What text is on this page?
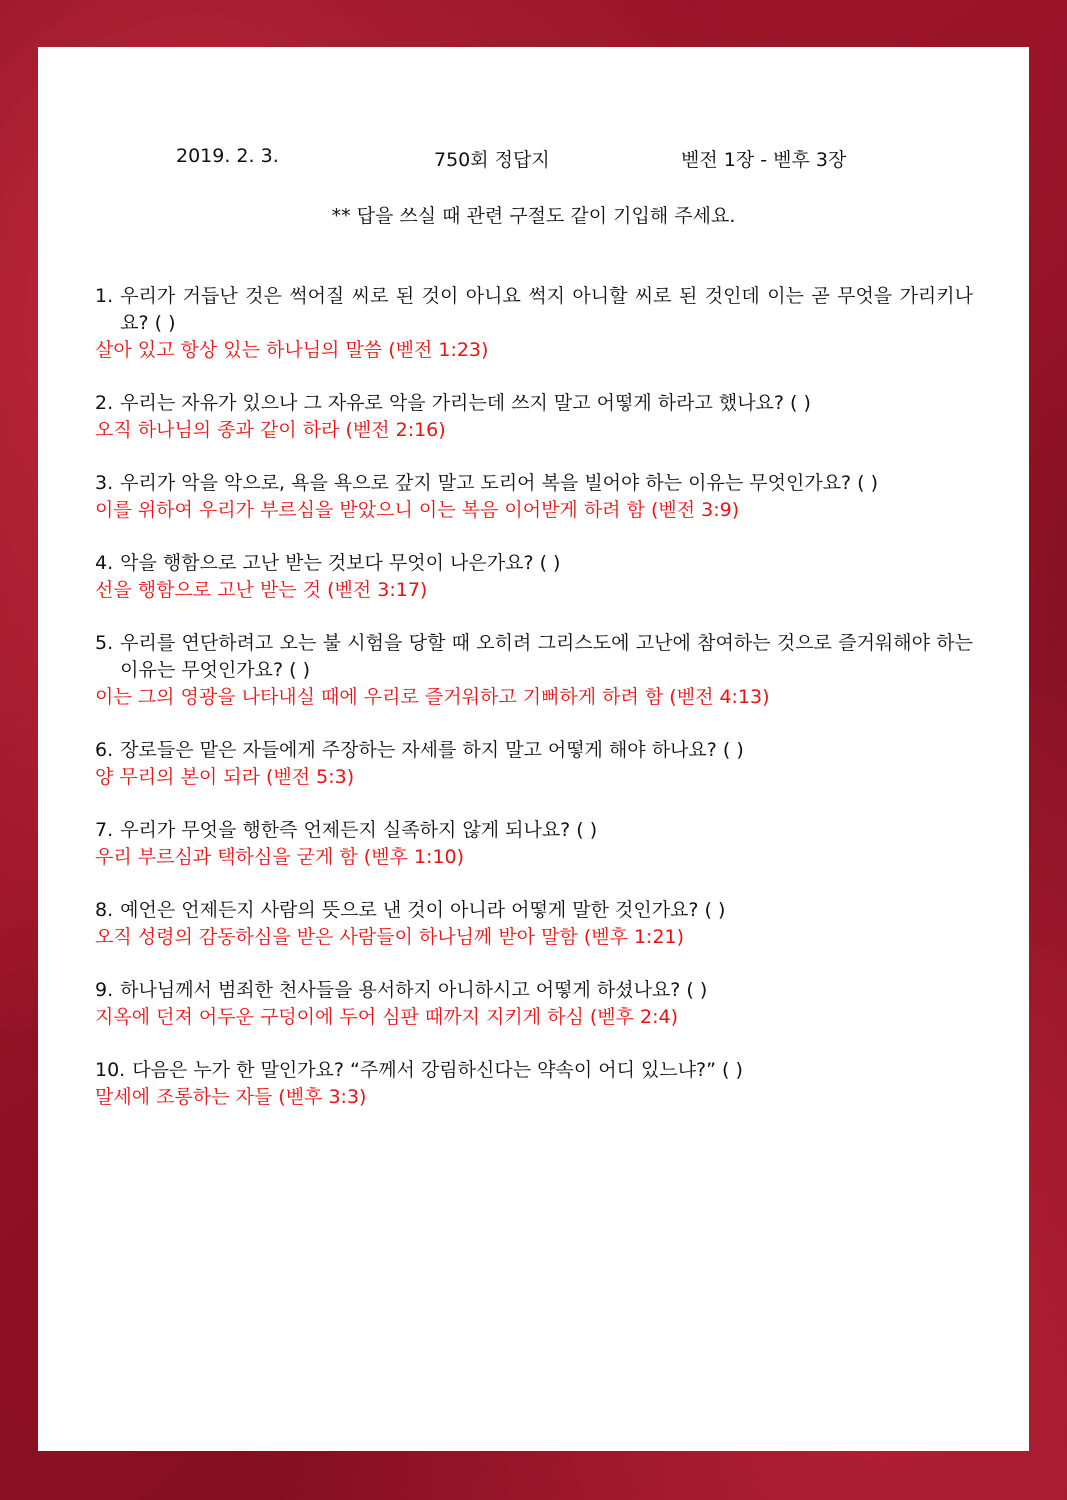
2019. 2. 3.	750회 정답지	벧전 1장 - 벧후 3장
** 답을 쓰실 때 관련 구절도 같이 기입해 주세요.
1. 우리가 거듭난 것은 썩어질 씨로 된 것이 아니요 썩지 아니할 씨로 된 것인데 이는 곧 무엇을 가리키나요? ( )
살아 있고 항상 있는 하나님의 말씀 (벧전 1:23)
2. 우리는 자유가 있으나 그 자유로 악을 가리는데 쓰지 말고 어떻게 하라고 했나요? ( )
오직 하나님의 종과 같이 하라 (벧전 2:16)
3. 우리가 악을 악으로, 욕을 욕으로 갚지 말고 도리어 복을 빌어야 하는 이유는 무엇인가요? ( )
이를 위하여 우리가 부르심을 받았으니 이는 복음 이어받게 하려 함 (벧전 3:9)
4. 악을 행함으로 고난 받는 것보다 무엇이 나은가요? ( )
선을 행함으로 고난 받는 것 (벧전 3:17)
5. 우리를 연단하려고 오는 불 시험을 당할 때 오히려 그리스도에 고난에 참여하는 것으로 즐거워해야 하는 이유는 무엇인가요? ( )
이는 그의 영광을 나타내실 때에 우리로 즐거워하고 기뻐하게 하려 함 (벧전 4:13)
6. 장로들은 맡은 자들에게 주장하는 자세를 하지 말고 어떻게 해야 하나요? ( )
양 무리의 본이 되라 (벧전 5:3)
7. 우리가 무엇을 행한즉 언제든지 실족하지 않게 되나요? ( )
우리 부르심과 택하심을 굳게 함 (벧후 1:10)
8. 예언은 언제든지 사람의 뜻으로 낸 것이 아니라 어떻게 말한 것인가요? ( )
오직 성령의 감동하심을 받은 사람들이 하나님께 받아 말함 (벧후 1:21)
9. 하나님께서 범죄한 천사들을 용서하지 아니하시고 어떻게 하셨나요? ( )
지옥에 던져 어두운 구덩이에 두어 심판 때까지 지키게 하심 (벧후 2:4)
10. 다음은 누가 한 말인가요? “주께서 강림하신다는 약속이 어디 있느냐?” ( )
말세에 조롱하는 자들 (벧후 3:3)
